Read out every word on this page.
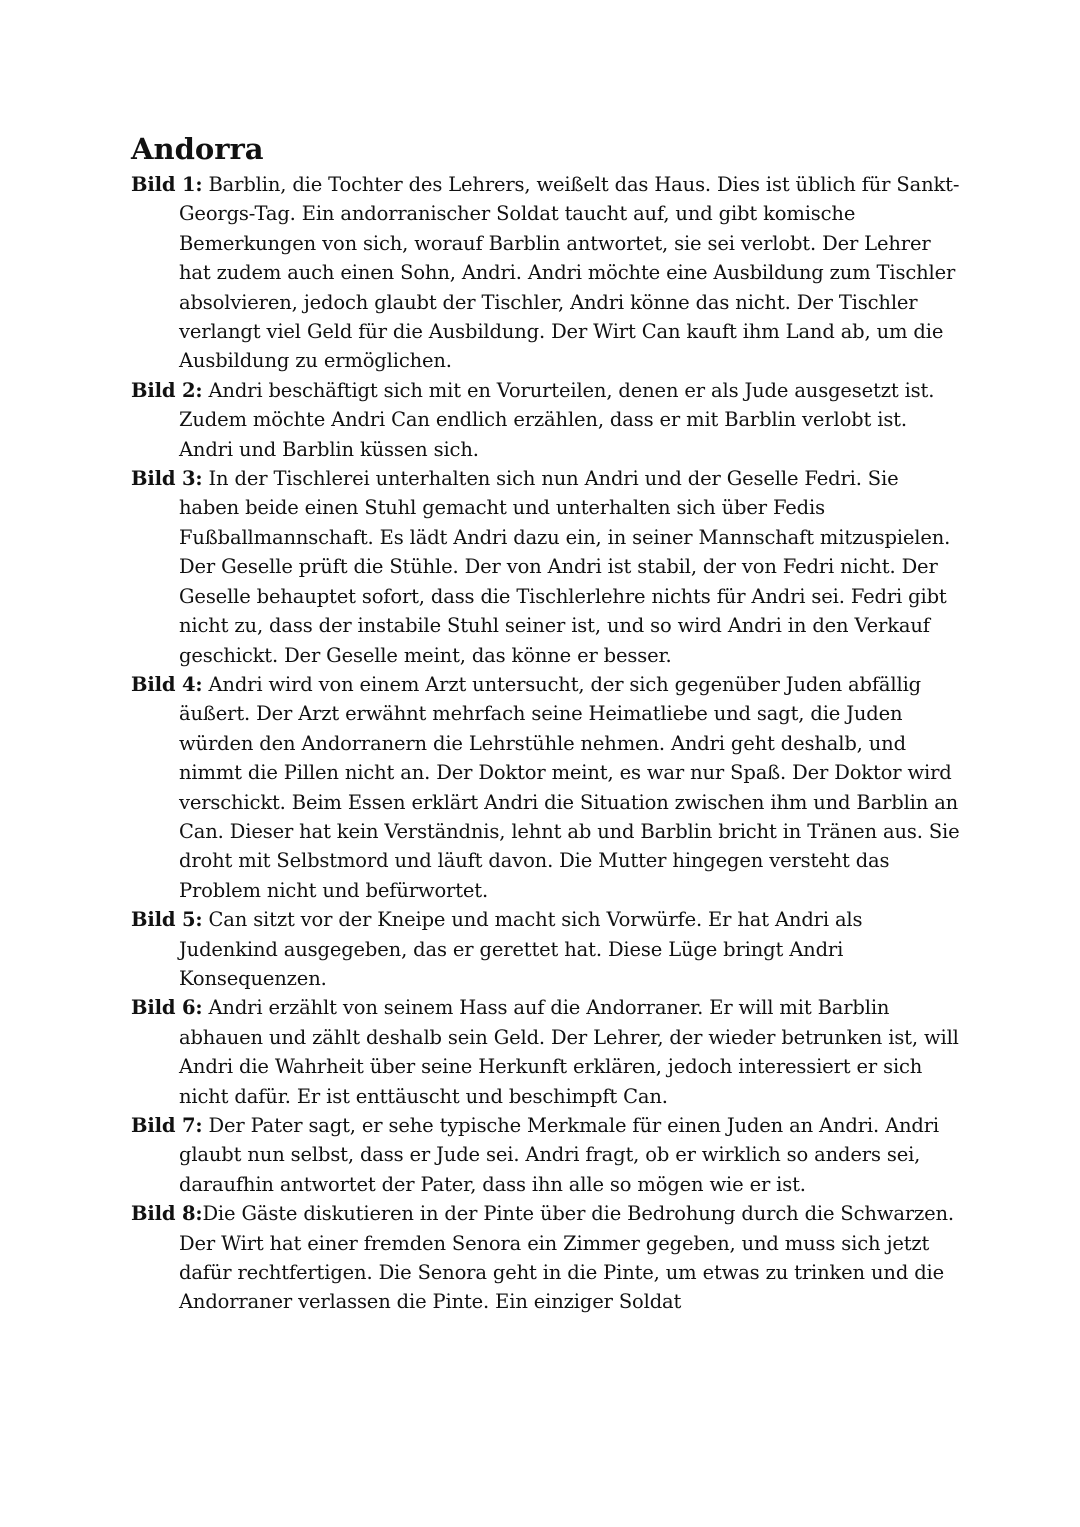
Andorra

Bild 1: Barblin, die Tochter des Lehrers, weißelt das Haus. Dies ist üblich für Sankt-Georgs-Tag. Ein andorranischer Soldat taucht auf, und gibt komische Bemerkungen von sich, worauf Barblin antwortet, sie sei verlobt. Der Lehrer hat zudem auch einen Sohn, Andri. Andri möchte eine Ausbildung zum Tischler absolvieren, jedoch glaubt der Tischler, Andri könne das nicht. Der Tischler verlangt viel Geld für die Ausbildung. Der Wirt Can kauft ihm Land ab, um die Ausbildung zu ermöglichen.

Bild 2: Andri beschäftigt sich mit en Vorurteilen, denen er als Jude ausgesetzt ist. Zudem möchte Andri Can endlich erzählen, dass er mit Barblin verlobt ist. Andri und Barblin küssen sich.

Bild 3: In der Tischlerei unterhalten sich nun Andri und der Geselle Fedri. Sie haben beide einen Stuhl gemacht und unterhalten sich über Fedis Fußballmannschaft. Es lädt Andri dazu ein, in seiner Mannschaft mitzuspielen. Der Geselle prüft die Stühle. Der von Andri ist stabil, der von Fedri nicht. Der Geselle behauptet sofort, dass die Tischlerlehre nichts für Andri sei. Fedri gibt nicht zu, dass der instabile Stuhl seiner ist, und so wird Andri in den Verkauf geschickt. Der Geselle meint, das könne er besser.

Bild 4: Andri wird von einem Arzt untersucht, der sich gegenüber Juden abfällig äußert. Der Arzt erwähnt mehrfach seine Heimatliebe und sagt, die Juden würden den Andorranern die Lehrstühle nehmen. Andri geht deshalb, und nimmt die Pillen nicht an. Der Doktor meint, es war nur Spaß. Der Doktor wird verschickt. Beim Essen erklärt Andri die Situation zwischen ihm und Barblin an Can. Dieser hat kein Verständnis, lehnt ab und Barblin bricht in Tränen aus. Sie droht mit Selbstmord und läuft davon. Die Mutter hingegen versteht das Problem nicht und befürwortet.

Bild 5: Can sitzt vor der Kneipe und macht sich Vorwürfe. Er hat Andri als Judenkind ausgegeben, das er gerettet hat. Diese Lüge bringt Andri Konsequenzen.

Bild 6: Andri erzählt von seinem Hass auf die Andorraner. Er will mit Barblin abhauen und zählt deshalb sein Geld. Der Lehrer, der wieder betrunken ist, will Andri die Wahrheit über seine Herkunft erklären, jedoch interessiert er sich nicht dafür. Er ist enttäuscht und beschimpft Can.

Bild 7: Der Pater sagt, er sehe typische Merkmale für einen Juden an Andri. Andri glaubt nun selbst, dass er Jude sei. Andri fragt, ob er wirklich so anders sei, daraufhin antwortet der Pater, dass ihn alle so mögen wie er ist.

Bild 8:Die Gäste diskutieren in der Pinte über die Bedrohung durch die Schwarzen. Der Wirt hat einer fremden Senora ein Zimmer gegeben, und muss sich jetzt dafür rechtfertigen. Die Senora geht in die Pinte, um etwas zu trinken und die Andorraner verlassen die Pinte. Ein einziger Soldat
